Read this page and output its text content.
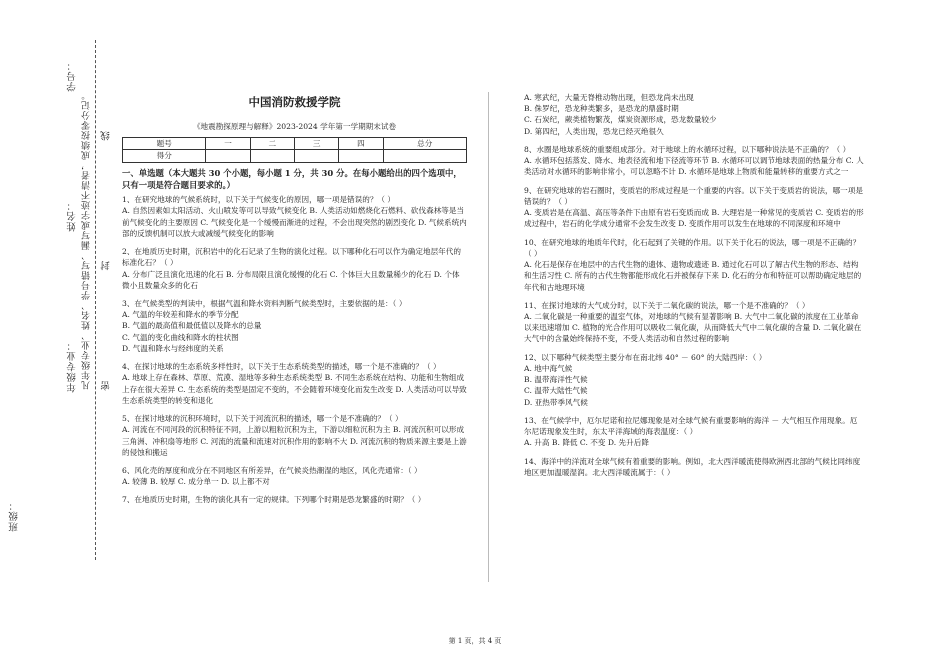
学号：
姓名：
年级专业：
班级：
凡年级专业、姓名、学号错写、漏写或字迹不清者，成绩按零分记。 线
封
密
中国消防救援学院
《地震勘探原理与解释》2023-2024 学年第一学期期末试卷
题号	一	二	三	四	总分
得分					
一、单选题（本大题共 30 个小题，每小题 1 分，共 30 分。在每小题给出的四个选项中，只有一项是符合题目要求的。）

1、在研究地球的气候系统时，以下关于气候变化的原因，哪一项是错误的？（ ）

A. 自然因素如太阳活动、火山喷发等可以导致气候变化 B. 人类活动如燃烧化石燃料、砍伐森林等是当前气候变化的主要原因 C. 气候变化是一个缓慢而渐进的过程，不会出现突然的剧烈变化 D. 气候系统内部的反馈机制可以放大或减缓气候变化的影响

2、在地质历史时期，沉积岩中的化石记录了生物的演化过程。以下哪种化石可以作为确定地层年代的标准化石？（ ）

A. 分布广泛且演化迅速的化石 B. 分布局限且演化缓慢的化石 C. 个体巨大且数量稀少的化石 D. 个体微小且数量众多的化石

3、在气候类型的判读中，根据气温和降水资料判断气候类型时，主要依据的是：（ ）

A. 气温的年较差和降水的季节分配

B. 气温的最高值和最低值以及降水的总量

C. 气温的变化曲线和降水的柱状图

D. 气温和降水与经纬度的关系

4、在探讨地球的生态系统多样性时，以下关于生态系统类型的描述，哪一个是不准确的？（ ）

A. 地球上存在森林、草原、荒漠、湿地等多种生态系统类型 B. 不同生态系统在结构、功能和生物组成上存在很大差异 C. 生态系统的类型是固定不变的，不会随着环境变化而发生改变 D. 人类活动可以导致生态系统类型的转变和退化

5、在探讨地球的沉积环境时，以下关于河流沉积的描述，哪一个是不准确的？（ ）

A. 河流在不同河段的沉积特征不同，上游以粗粒沉积为主，下游以细粒沉积为主 B. 河流沉积可以形成三角洲、冲积扇等地形 C. 河流的流量和流速对沉积作用的影响不大 D. 河流沉积的物质来源主要是上游的侵蚀和搬运

6、风化壳的厚度和成分在不同地区有所差异，在气候炎热潮湿的地区，风化壳通常：（ ）

A. 较薄 B. 较厚 C. 成分单一 D. 以上都不对

7、在地质历史时期，生物的演化具有一定的规律。下列哪个时期是恐龙繁盛的时期？（ ）

A. 寒武纪，大量无脊椎动物出现，但恐龙尚未出现

B. 侏罗纪，恐龙种类繁多，是恐龙的鼎盛时期

C. 石炭纪，蕨类植物繁茂，煤炭资源形成，恐龙数量较少

D. 第四纪，人类出现，恐龙已经灭绝很久

8、水圈是地球系统的重要组成部分。对于地球上的水循环过程，以下哪种说法是不正确的？（ ）

A. 水循环包括蒸发、降水、地表径流和地下径流等环节 B. 水循环可以调节地球表面的热量分布 C. 人类活动对水循环的影响非常小，可以忽略不计 D. 水循环是地球上物质和能量转移的重要方式之一

9、在研究地球的岩石圈时，变质岩的形成过程是一个重要的内容。以下关于变质岩的说法，哪一项是错误的？（ ）

A. 变质岩是在高温、高压等条件下由原有岩石变质而成 B. 大理岩是一种常见的变质岩 C. 变质岩的形成过程中，岩石的化学成分通常不会发生改变 D. 变质作用可以发生在地球的不同深度和环境中

10、在研究地球的地质年代时，化石起到了关键的作用。以下关于化石的说法，哪一项是不正确的？（ ）

A. 化石是保存在地层中的古代生物的遗体、遗物或遗迹 B. 通过化石可以了解古代生物的形态、结构和生活习性 C. 所有的古代生物都能形成化石并被保存下来 D. 化石的分布和特征可以帮助确定地层的年代和古地理环境

11、在探讨地球的大气成分时，以下关于二氧化碳的说法，哪一个是不准确的？（ ）

A. 二氧化碳是一种重要的温室气体，对地球的气候有显著影响 B. 大气中二氧化碳的浓度在工业革命以来迅速增加 C. 植物的光合作用可以吸收二氧化碳，从而降低大气中二氧化碳的含量 D. 二氧化碳在大气中的含量始终保持不变，不受人类活动和自然过程的影响

12、以下哪种气候类型主要分布在南北纬 40° － 60° 的大陆西岸：（ ）

A. 地中海气候

B. 温带海洋性气候

C. 温带大陆性气候

D. 亚热带季风气候

13、在气候学中，厄尔尼诺和拉尼娜现象是对全球气候有重要影响的海洋 － 大气相互作用现象。厄尔尼诺现象发生时，东太平洋海域的海表温度：（ ）

A. 升高 B. 降低 C. 不变 D. 先升后降

14、海洋中的洋流对全球气候有着重要的影响。例如，北大西洋暖流使得欧洲西北部的气候比同纬度地区更加温暖湿润。北大西洋暖流属于：（ ）

第 1 页，共 4 页
